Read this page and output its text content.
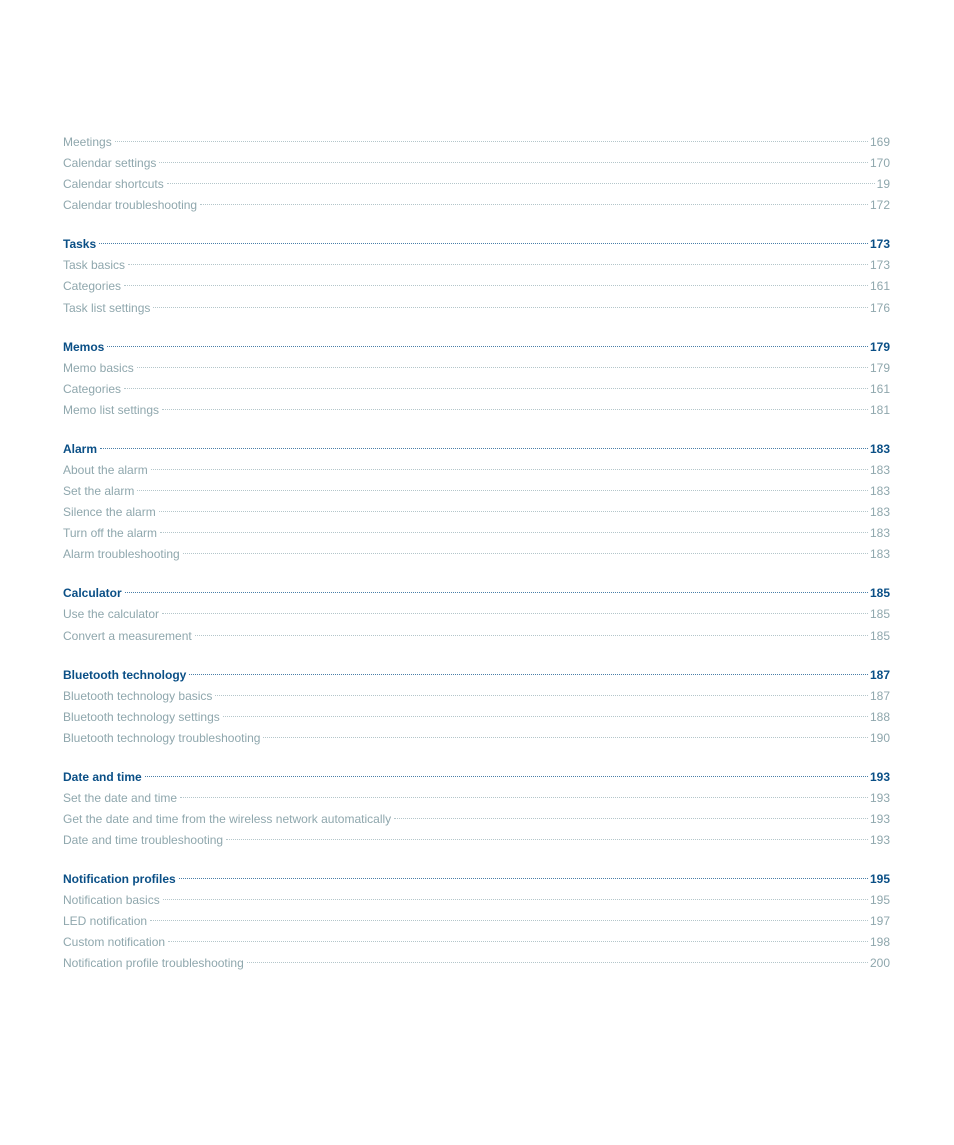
Meetings	169
Calendar settings	170
Calendar shortcuts	19
Calendar troubleshooting	172
Tasks	173
Task basics	173
Categories	161
Task list settings	176
Memos	179
Memo basics	179
Categories	161
Memo list settings	181
Alarm	183
About the alarm	183
Set the alarm	183
Silence the alarm	183
Turn off the alarm	183
Alarm troubleshooting	183
Calculator	185
Use the calculator	185
Convert a measurement	185
Bluetooth technology	187
Bluetooth technology basics	187
Bluetooth technology settings	188
Bluetooth technology troubleshooting	190
Date and time	193
Set the date and time	193
Get the date and time from the wireless network automatically	193
Date and time troubleshooting	193
Notification profiles	195
Notification basics	195
LED notification	197
Custom notification	198
Notification profile troubleshooting	200
